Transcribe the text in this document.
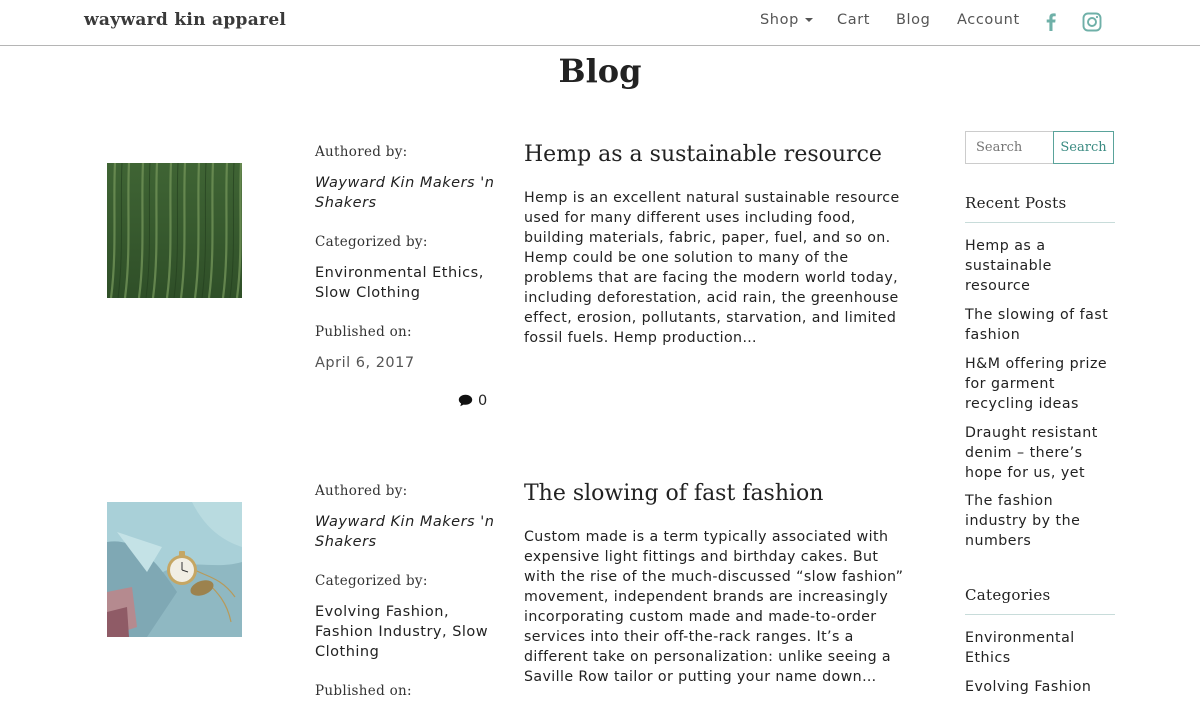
wayward kin apparel	Shop	Cart Blog Account
Blog
Authored by:
Wayward Kin Makers 'n Shakers
Categorized by:
Environmental Ethics, Slow Clothing
Published on:
April 6, 2017
0
Hemp as a sustainable resource
Hemp is an excellent natural sustainable resource used for many different uses including food, building materials, fabric, paper, fuel, and so on. Hemp could be one solution to many of the problems that are facing the modern world today, including deforestation, acid rain, the greenhouse effect, erosion, pollutants, starvation, and limited fossil fuels. Hemp production…
Authored by:
Wayward Kin Makers 'n Shakers
Categorized by:
Evolving Fashion, Fashion Industry, Slow Clothing
Published on:
The slowing of fast fashion
Custom made is a term typically associated with expensive light fittings and birthday cakes. But with the rise of the much-discussed “slow fashion” movement, independent brands are increasingly incorporating custom made and made-to-order services into their off-the-rack ranges. It’s a different take on personalization: unlike seeing a Saville Row tailor or putting your name down…
Search
Search
Recent Posts
Hemp as a sustainable resource
The slowing of fast fashion
H&M offering prize for garment recycling ideas
Draught resistant denim – there’s hope for us, yet
The fashion industry by the numbers
Categories
Environmental Ethics
Evolving Fashion
